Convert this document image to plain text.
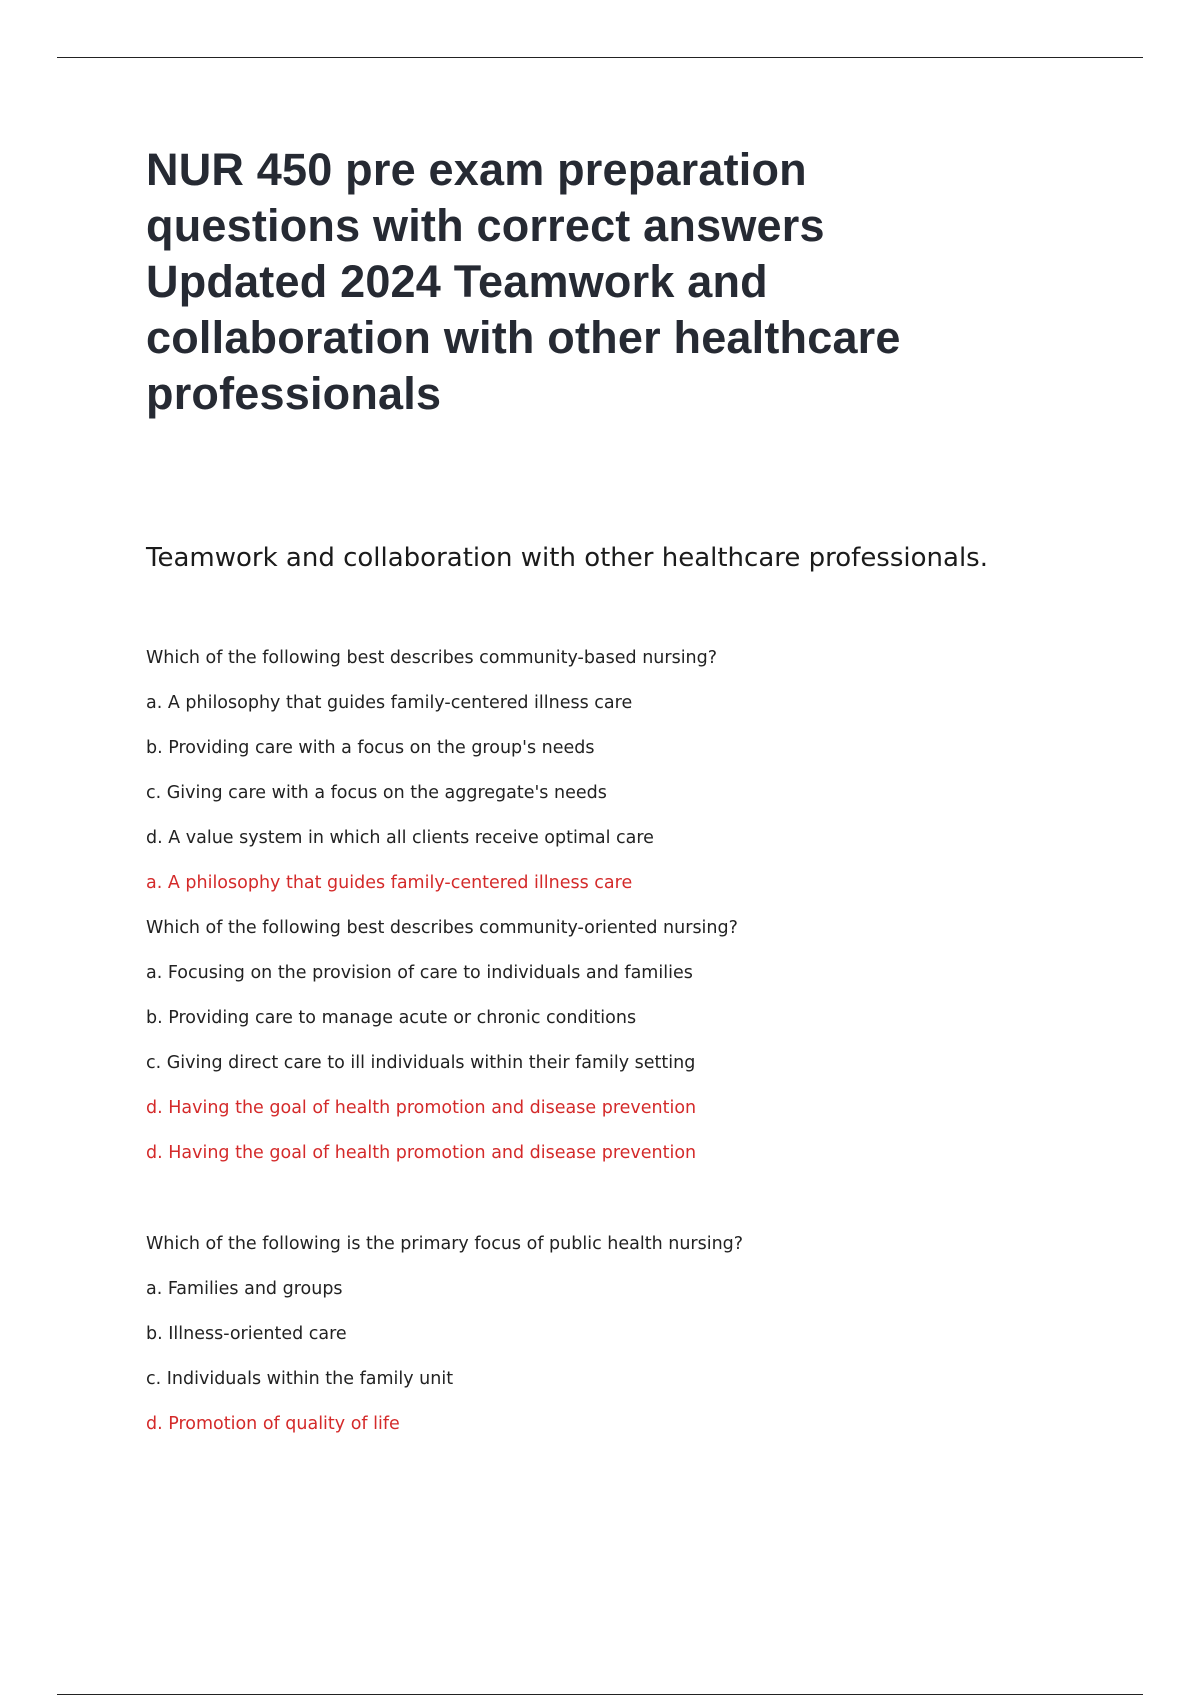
NUR 450 pre exam preparation
questions with correct answers
Updated 2024 Teamwork and
collaboration with other healthcare
professionals

Teamwork and collaboration with other healthcare professionals.

Which of the following best describes community-based nursing?
a. A philosophy that guides family-centered illness care
b. Providing care with a focus on the group's needs
c. Giving care with a focus on the aggregate's needs
d. A value system in which all clients receive optimal care
a. A philosophy that guides family-centered illness care
Which of the following best describes community-oriented nursing?
a. Focusing on the provision of care to individuals and families
b. Providing care to manage acute or chronic conditions
c. Giving direct care to ill individuals within their family setting
d. Having the goal of health promotion and disease prevention
d. Having the goal of health promotion and disease prevention
Which of the following is the primary focus of public health nursing?
a. Families and groups
b. Illness-oriented care
c. Individuals within the family unit
d. Promotion of quality of life
